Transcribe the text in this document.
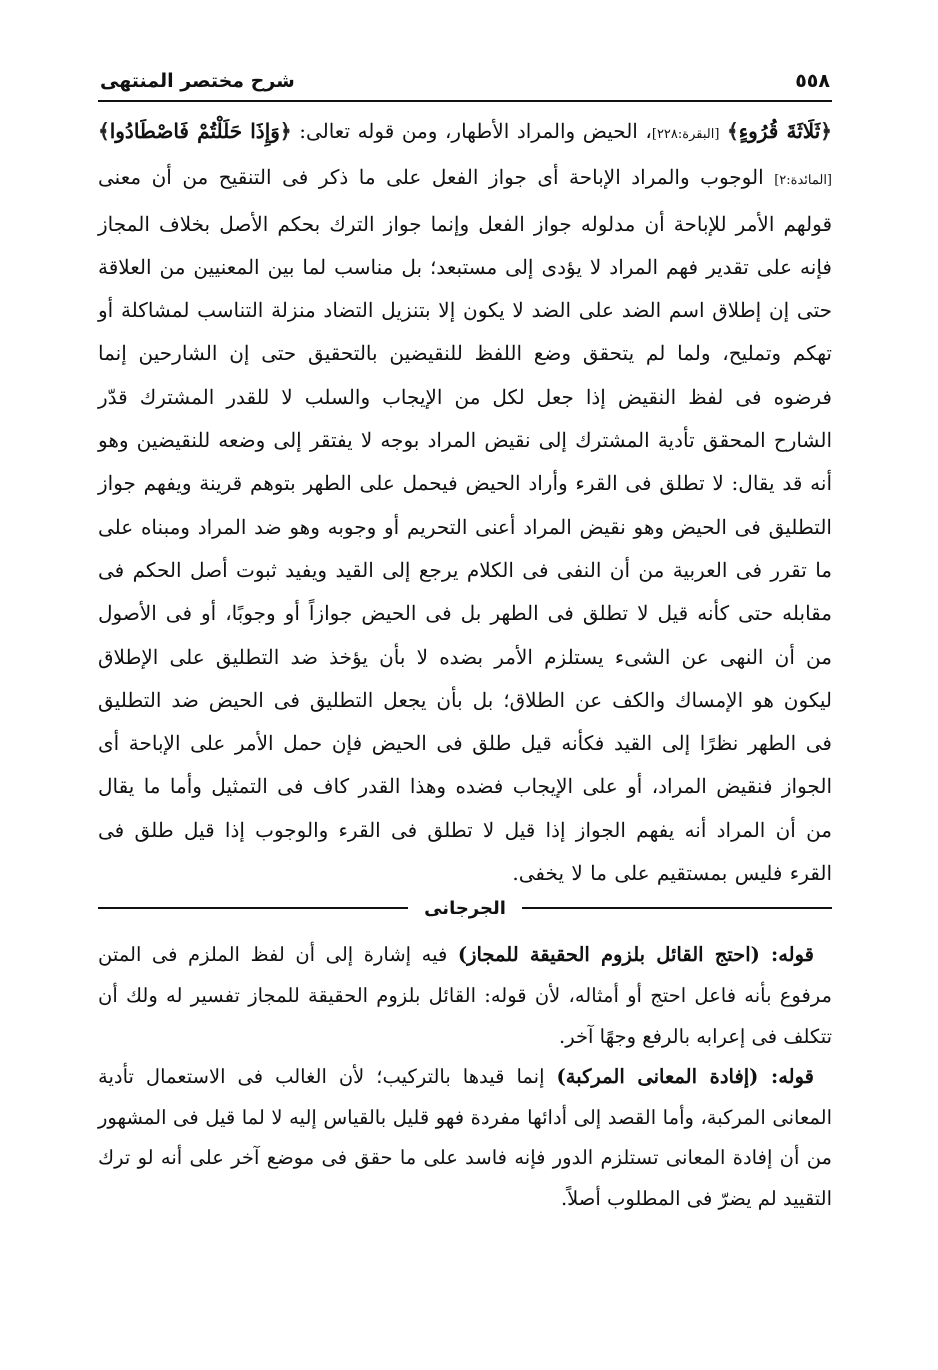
٥٥٨
شرح مختصر المنتهى
﴿ثَلَاثَةَ قُرُوءٍ﴾ [البقرة:٢٢٨]، الحيض والمراد الأطهار، ومن قوله تعالى: ﴿وَإِذَا حَلَلْتُمْ فَاصْطَادُوا﴾ [المائدة:٢] الوجوب والمراد الإباحة أى جواز الفعل على ما ذكر فى التنقيح من أن معنى قولهم الأمر للإباحة أن مدلوله جواز الفعل وإنما جواز الترك بحكم الأصل بخلاف المجاز فإنه على تقدير فهم المراد لا يؤدى إلى مستبعد؛ بل مناسب لما بين المعنيين من العلاقة حتى إن إطلاق اسم الضد على الضد لا يكون إلا بتنزيل التضاد منزلة التناسب لمشاكلة أو تهكم وتمليح، ولما لم يتحقق وضع اللفظ للنقيضين بالتحقيق حتى إن الشارحين إنما فرضوه فى لفظ النقيض إذا جعل لكل من الإيجاب والسلب لا للقدر المشترك قدّر الشارح المحقق تأدية المشترك إلى نقيض المراد بوجه لا يفتقر إلى وضعه للنقيضين وهو أنه قد يقال: لا تطلق فى القرء وأراد الحيض فيحمل على الطهر بتوهم قرينة ويفهم جواز التطليق فى الحيض وهو نقيض المراد أعنى التحريم أو وجوبه وهو ضد المراد ومبناه على ما تقرر فى العربية من أن النفى فى الكلام يرجع إلى القيد ويفيد ثبوت أصل الحكم فى مقابله حتى كأنه قيل لا تطلق فى الطهر بل فى الحيض جوازاً أو وجوبًا، أو فى الأصول من أن النهى عن الشىء يستلزم الأمر بضده لا بأن يؤخذ ضد التطليق على الإطلاق ليكون هو الإمساك والكف عن الطلاق؛ بل بأن يجعل التطليق فى الحيض ضد التطليق فى الطهر نظرًا إلى القيد فكأنه قيل طلق فى الحيض فإن حمل الأمر على الإباحة أى الجواز فنقيض المراد، أو على الإيجاب فضده وهذا القدر كاف فى التمثيل وأما ما يقال من أن المراد أنه يفهم الجواز إذا قيل لا تطلق فى القرء والوجوب إذا قيل طلق فى القرء فليس بمستقيم على ما لا يخفى.
الجرجانى

قوله: (احتج القائل بلزوم الحقيقة للمجاز) فيه إشارة إلى أن لفظ الملزم فى المتن مرفوع بأنه فاعل احتج أو أمثاله، لأن قوله: القائل بلزوم الحقيقة للمجاز تفسير له ولك أن تتكلف فى إعرابه بالرفع وجهًا آخر.

قوله: (إفادة المعانى المركبة) إنما قيدها بالتركيب؛ لأن الغالب فى الاستعمال تأدية المعانى المركبة، وأما القصد إلى أدائها مفردة فهو قليل بالقياس إليه لا لما قيل فى المشهور من أن إفادة المعانى تستلزم الدور فإنه فاسد على ما حقق فى موضع آخر على أنه لو ترك التقييد لم يضرّ فى المطلوب أصلاً.
